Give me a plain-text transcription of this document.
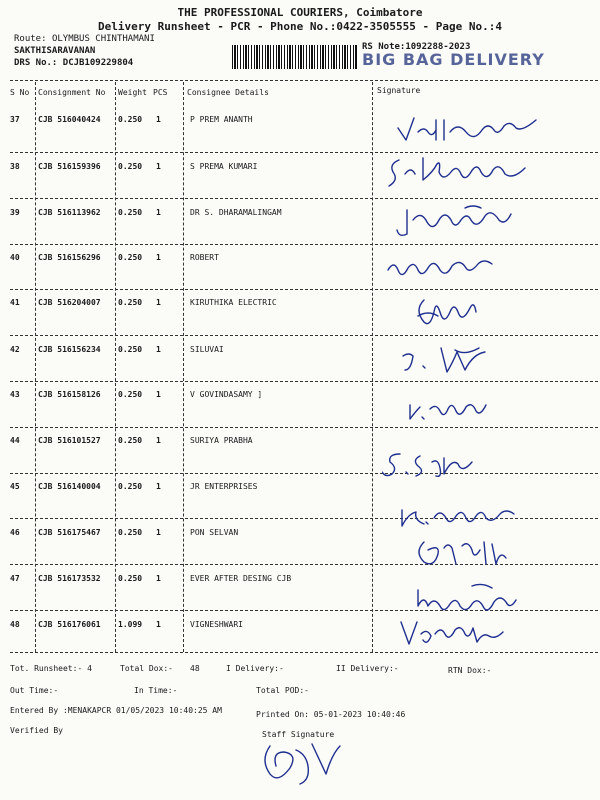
THE PROFESSIONAL COURIERS, Coimbatore
Delivery Runsheet - PCR - Phone No.:0422-3505555 - Page No.:4
Route: OLYMBUS CHINTHAMANI
SAKTHISARAVANAN
DRS No.: DCJB109229804
RS Note:1092288-2023
BIG BAG DELIVERY
S No Consignment No Weight PCS Consignee Details	Signature
37 CJB 516040424 0.250 1	P PREM ANANTH
38 CJB 516159396 0.250 1	S PREMA KUMARI
39 CJB 516113962 0.250 1	DR S. DHARAMALINGAM
40 CJB 516156296 0.250 1	ROBERT
41 CJB 516204007 0.250 1	KIRUTHIKA ELECTRIC
42 CJB 516156234 0.250 1	SILUVAI
43 CJB 516158126 0.250 1	V GOVINDASAMY ]
44 CJB 516101527 0.250 1	SURIYA PRABHA
45 CJB 516140004 0.250 1	JR ENTERPRISES
46 CJB 516175467 0.250 1	PON SELVAN
47 CJB 516173532 0.250 1	EVER AFTER DESING CJB
48 CJB 516176061 1.099 1	VIGNESHWARI
Tot. Runsheet:- 4	Total Dox:- 48	I Delivery:-	II Delivery:-	RTN Dox:-
Out Time:-	In Time:-	Total POD:-
Entered By :MENAKAPCR 01/05/2023 10:40:25 AM	Printed On: 05-01-2023 10:40:46
Verified By	Staff Signature
